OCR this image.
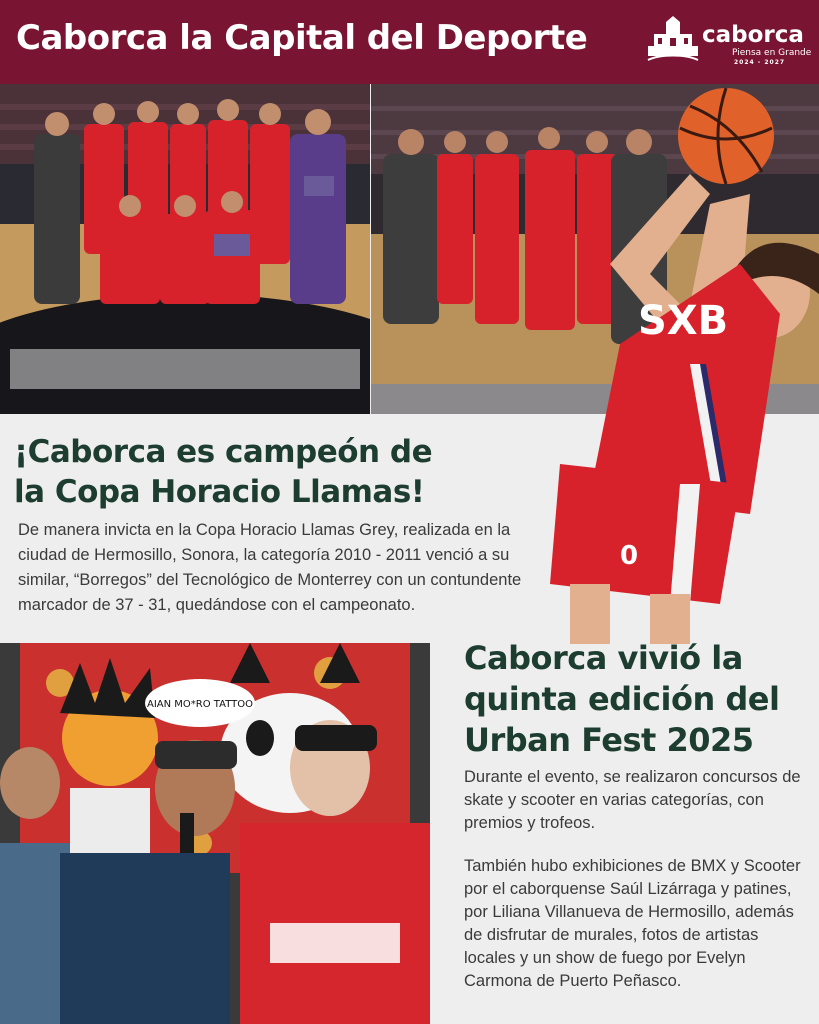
Caborca la Capital del Deporte	caborca
Piensa en Grande
2024 - 2027
SXB
0
¡Caborca es campeón de
la Copa Horacio Llamas!
De manera invicta en la Copa Horacio Llamas Grey, realizada en la ciudad de Hermosillo, Sonora, la categoría 2010 - 2011 venció a su similar, “Borregos” del Tecnológico de Monterrey con un contundente marcador de 37 - 31, quedándose con el campeonato.
AIAN MO*RO TATTOO
Caborca vivió la
quinta edición del
Urban Fest 2025
Durante el evento, se realizaron concursos de skate y scooter en varias categorías, con premios y trofeos.
También hubo exhibiciones de BMX y Scooter por el caborquense Saúl Lizárraga y patines, por Liliana Villanueva de Hermosillo, además de disfrutar de murales, fotos de artistas locales y un show de fuego por Evelyn Carmona de Puerto Peñasco.
